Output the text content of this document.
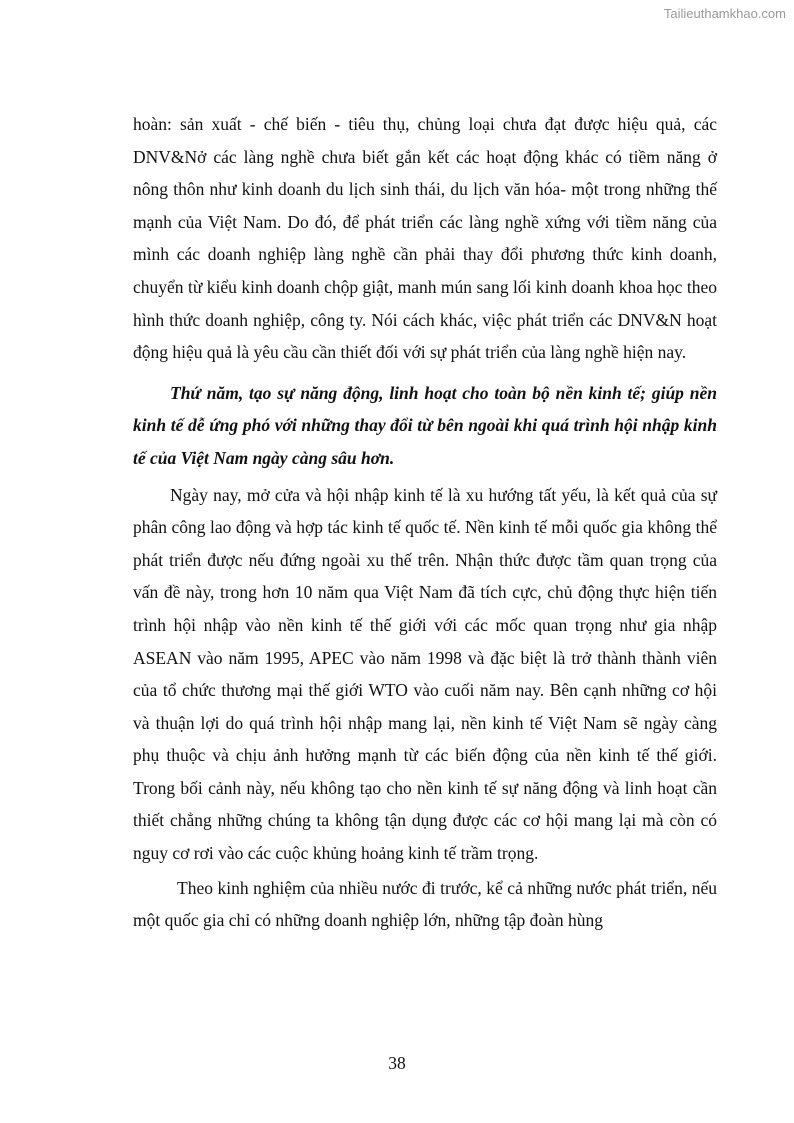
Tailieuthamkhao.com

hoàn: sản xuất - chế biến - tiêu thụ, chủng loại chưa đạt được hiệu quả, các DNV&Nở các làng nghề chưa biết gắn kết các hoạt động khác có tiềm năng ở nông thôn như kinh doanh du lịch sinh thái, du lịch văn hóa- một trong những thế mạnh của Việt Nam. Do đó, để phát triển các làng nghề xứng với tiềm năng của mình các doanh nghiệp làng nghề cần phải thay đổi phương thức kinh doanh, chuyển từ kiểu kinh doanh chộp giật, manh mún sang lối kinh doanh khoa học theo hình thức doanh nghiệp, công ty. Nói cách khác, việc phát triển các DNV&N hoạt động hiệu quả là yêu cầu cần thiết đối với sự phát triển của làng nghề hiện nay.

Thứ năm, tạo sự năng động, linh hoạt cho toàn bộ nền kinh tế; giúp nền kinh tế dễ ứng phó với những thay đổi từ bên ngoài khi quá trình hội nhập kinh tế của Việt Nam ngày càng sâu hơn.

Ngày nay, mở cửa và hội nhập kinh tế là xu hướng tất yếu, là kết quả của sự phân công lao động và hợp tác kinh tế quốc tế. Nền kinh tế mỗi quốc gia không thể phát triển được nếu đứng ngoài xu thế trên. Nhận thức được tầm quan trọng của vấn đề này, trong hơn 10 năm qua Việt Nam đã tích cực, chủ động thực hiện tiến trình hội nhập vào nền kinh tế thế giới với các mốc quan trọng như gia nhập ASEAN vào năm 1995, APEC vào năm 1998 và đặc biệt là trở thành thành viên của tổ chức thương mại thế giới WTO vào cuối năm nay. Bên cạnh những cơ hội và thuận lợi do quá trình hội nhập mang lại, nền kinh tế Việt Nam sẽ ngày càng phụ thuộc và chịu ảnh hưởng mạnh từ các biến động của nền kinh tế thế giới. Trong bối cảnh này, nếu không tạo cho nền kinh tế sự năng động và linh hoạt cần thiết chẳng những chúng ta không tận dụng được các cơ hội mang lại mà còn có nguy cơ rơi vào các cuộc khủng hoảng kinh tế trầm trọng.

Theo kinh nghiệm của nhiều nước đi trước, kể cả những nước phát triển, nếu một quốc gia chỉ có những doanh nghiệp lớn, những tập đoàn hùng

38
